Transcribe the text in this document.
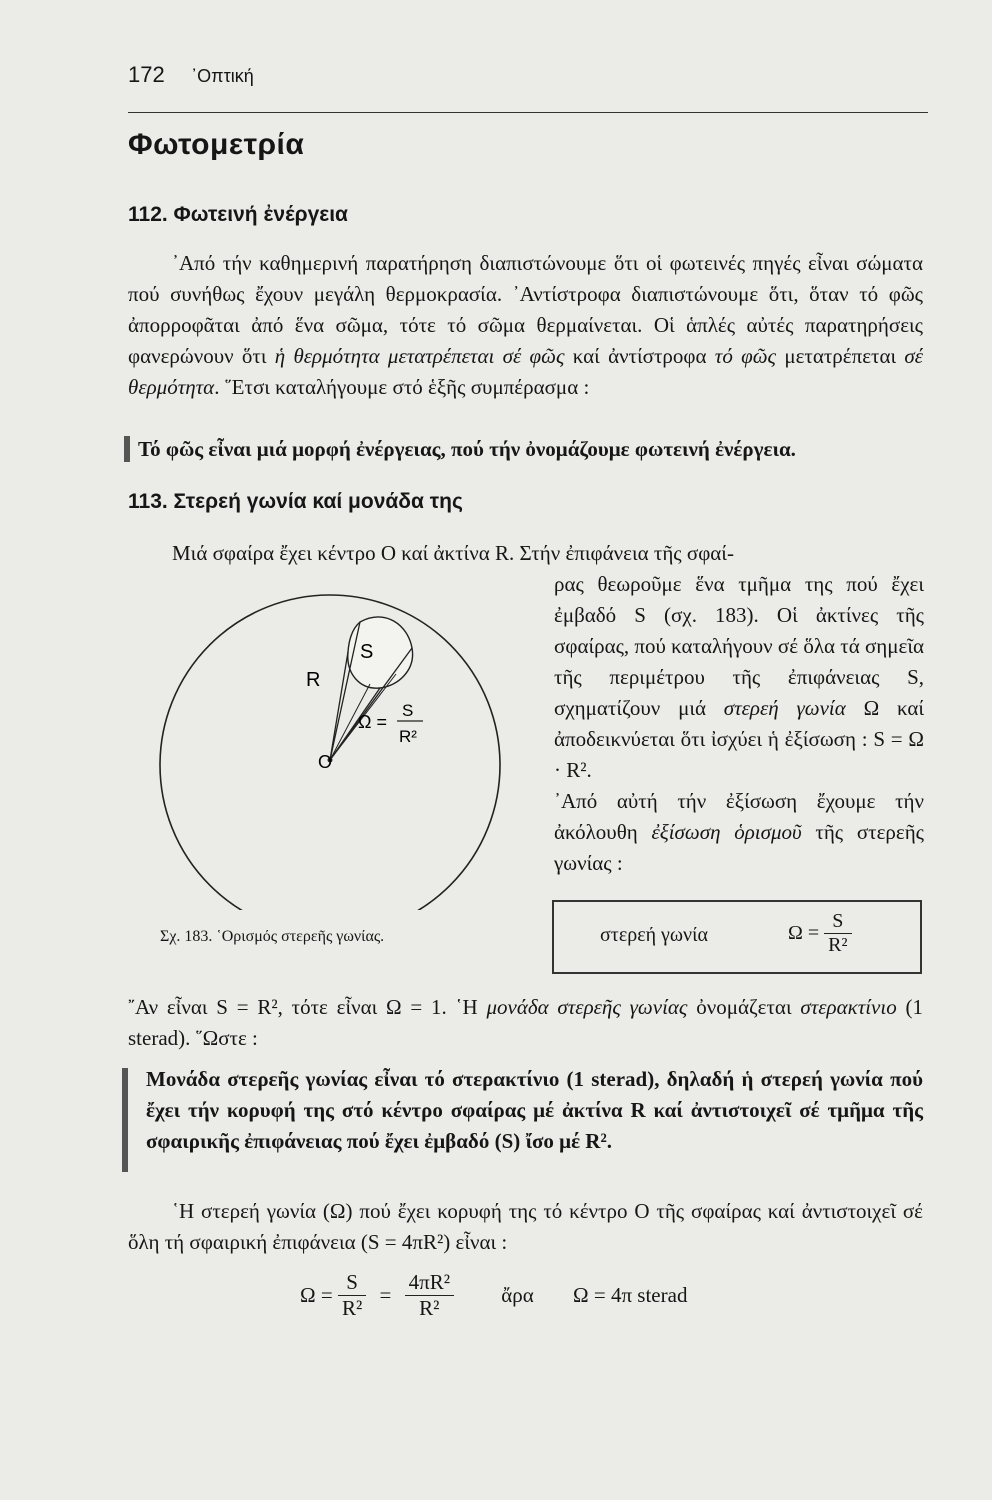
172 ᾿Οπτική
Φωτομετρία
112. Φωτεινή ἐνέργεια
᾿Από τήν καθημερινή παρατήρηση διαπιστώνουμε ὅτι οἱ φωτεινές πηγές εἶναι σώματα πού συνήθως ἔχουν μεγάλη θερμοκρασία. ᾿Αντίστροφα διαπιστώνουμε ὅτι, ὅταν τό φῶς ἀπορροφᾶται ἀπό ἕνα σῶμα, τότε τό σῶμα θερμαίνεται. Οἱ ἁπλές αὐτές παρατηρήσεις φανερώνουν ὅτι ἡ θερμότητα μετατρέπεται σέ φῶς καί ἀντίστροφα τό φῶς μετατρέπεται σέ θερμότητα. ῞Ετσι καταλήγουμε στό ἑξῆς συμπέρασμα :
Τό φῶς εἶναι μιά μορφή ἐνέργειας, πού τήν ὀνομάζουμε φωτεινή ἐνέργεια.
113. Στερεή γωνία καί μονάδα της
Μιά σφαίρα ἔχει κέντρο Ο καί ἀκτίνα R. Στήν ἐπιφάνεια τῆς σφαί-
ρας θεωροῦμε ἕνα τμῆμα της πού ἔχει ἐμβαδό S (σχ. 183). Οἱ ἀκτίνες τῆς σφαίρας, πού καταλήγουν σέ ὅλα τά σημεῖα τῆς περιμέτρου τῆς ἐπιφάνειας S, σχηματίζουν μιά στερεή γωνία Ω καί ἀποδεικνύεται ὅτι ἰσχύει ἡ ἐξίσωση : S = Ω · R².
᾿Από αὐτή τήν ἐξίσωση ἔχουμε τήν ἀκόλουθη ἐξίσωση ὁρισμοῦ τῆς στερεῆς γωνίας :
S
R
O
Ω =
S
R²
Σχ. 183. ῾Ορισμός στερεῆς γωνίας.	στερεή γωνία	$\Omega = \frac{S}{\text{R²}}$
῎Αν εἶναι S = R², τότε εἶναι Ω = 1. ῾Η μονάδα στερεῆς γωνίας ὀνομάζεται στερακτίνιο (1 sterad). ῞Ωστε :
Μονάδα στερεῆς γωνίας εἶναι τό στερακτίνιο (1 sterad), δηλαδή ἡ στερεή γωνία πού ἔχει τήν κορυφή της στό κέντρο σφαίρας μέ ἀκτίνα R καί ἀντιστοιχεῖ σέ τμῆμα τῆς σφαιρικῆς ἐπιφάνειας πού ἔχει ἐμβαδό (S) ἴσο μέ R².
῾Η στερεή γωνία (Ω) πού ἔχει κορυφή της τό κέντρο Ο τῆς σφαίρας καί ἀντιστοιχεῖ σέ ὅλη τή σφαιρική ἐπιφάνεια (S = 4πR²) εἶναι :
$\Omega = \frac{S}{\text{R²}} = \frac{\text{4πR²}}{\text{R²}}$ ἄρα Ω = 4π sterad
